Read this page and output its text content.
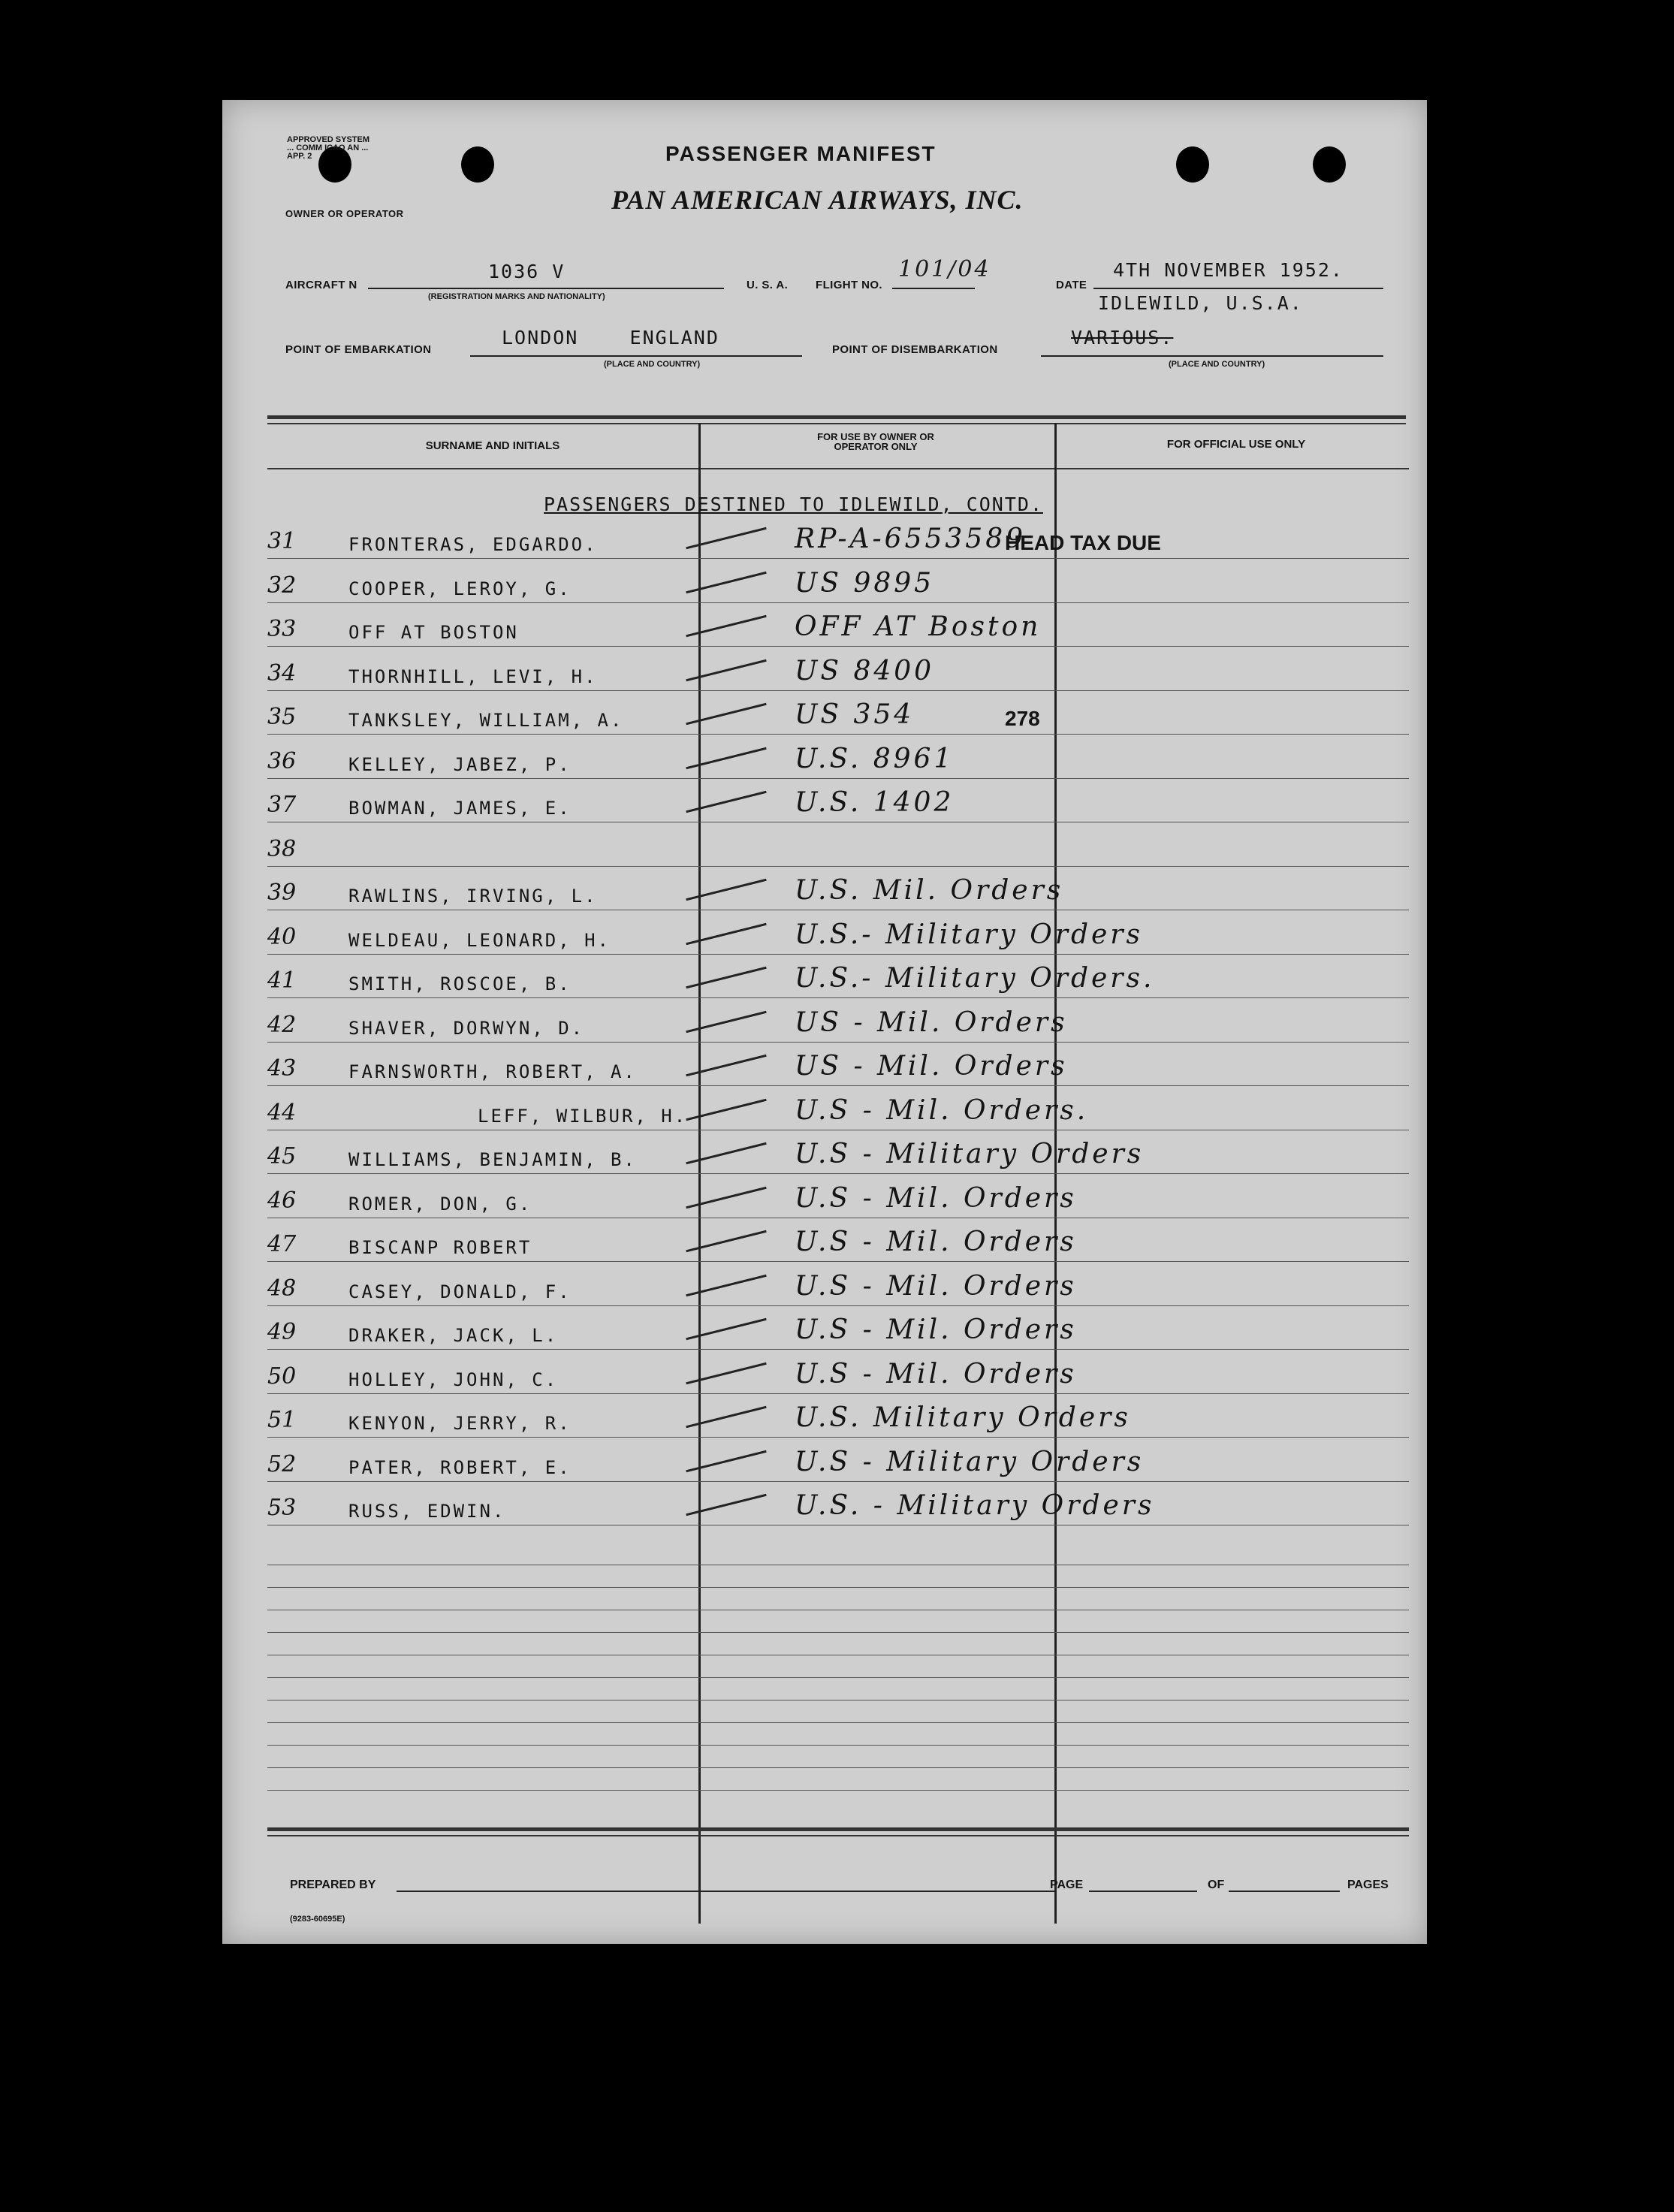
APPROVED SYSTEM ... COMM ICAO AN ... APP. 2
OWNER OR OPERATOR
PASSENGER MANIFEST
PAN AMERICAN AIRWAYS, INC.
AIRCRAFT N
1036 V
(REGISTRATION MARKS AND NATIONALITY)
U. S. A. FLIGHT NO.
101/04
DATE
4TH NOVEMBER 1952.
IDLEWILD, U.S.A.
POINT OF EMBARKATION
LONDON    ENGLAND
(PLACE AND COUNTRY)
POINT OF DISEMBARKATION
VARIOUS.
(PLACE AND COUNTRY)
SURNAME AND INITIALS
FOR USE BY OWNER OR OPERATOR ONLY	FOR OFFICIAL USE ONLY
PASSENGERS DESTINED TO IDLEWILD, CONTD.
31	FRONTERAS, EDGARDO.	RP-A-6553589
HEAD TAX DUE
32	COOPER, LEROY, G.	US 9895
33	OFF AT BOSTON	OFF AT Boston
34	THORNHILL, LEVI, H.	US 8400
35	TANKSLEY, WILLIAM, A.	US 354	278
36	KELLEY, JABEZ, P.	U.S. 8961
37	BOWMAN, JAMES, E.	U.S. 1402
38
39	RAWLINS, IRVING, L.	U.S. Mil. Orders
40	WELDEAU, LEONARD, H.	U.S.- Military Orders
41	SMITH, ROSCOE, B.	U.S.- Military Orders.
42	SHAVER, DORWYN, D.	US - Mil. Orders
43	FARNSWORTH, ROBERT, A.	US - Mil. Orders
44	LEFF, WILBUR, H.	U.S - Mil. Orders.
45	WILLIAMS, BENJAMIN, B.	U.S - Military Orders
46	ROMER, DON, G.	U.S - Mil. Orders
47	BISCANP ROBERT	U.S - Mil. Orders
48	CASEY, DONALD, F.	U.S - Mil. Orders
49	DRAKER, JACK, L.	U.S - Mil. Orders
50	HOLLEY, JOHN, C.	U.S - Mil. Orders
51	KENYON, JERRY, R.	U.S. Military Orders
52	PATER, ROBERT, E.	U.S - Military Orders
53	RUSS, EDWIN.	U.S. - Military Orders
PREPARED BY	PAGE	OF	PAGES
(9283-60695E)
